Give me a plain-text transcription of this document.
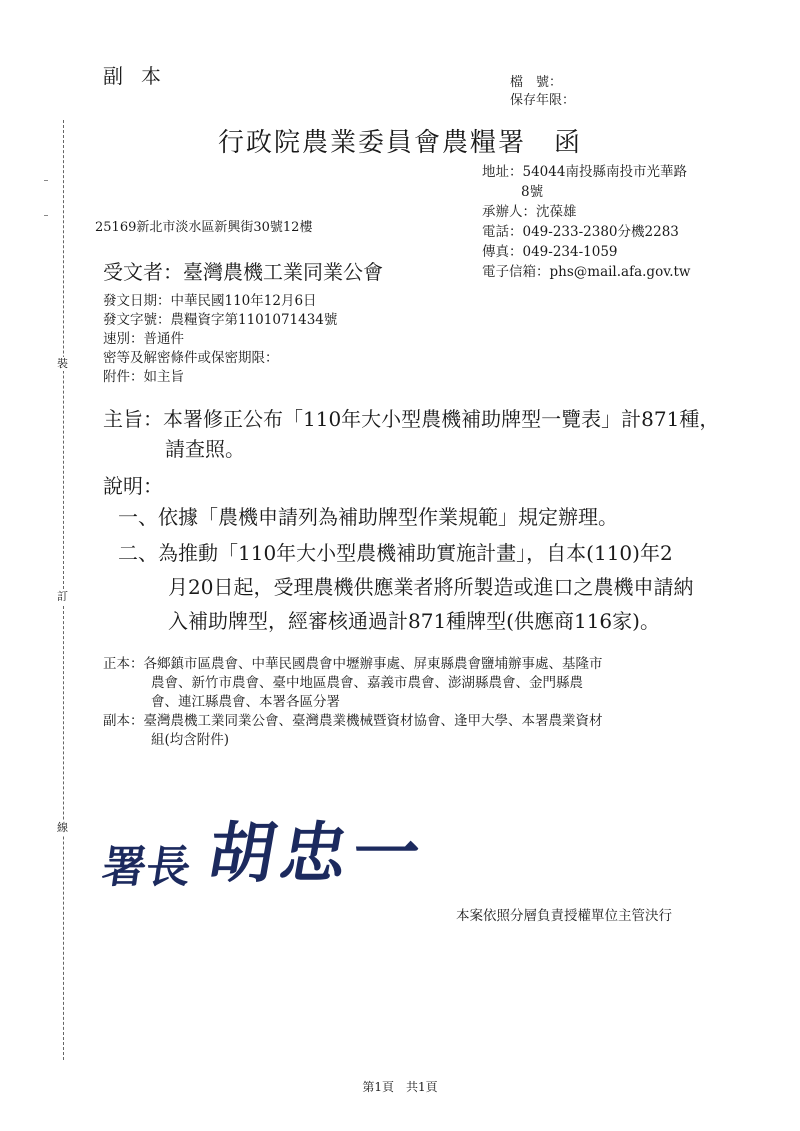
裝
訂
線
副本	檔　號：
保存年限：
行政院農業委員會農糧署　函
地址：54044南投縣南投市光華路
8號
承辦人：沈葆雄
電話：049-233-2380分機2283
傳真：049-234-1059
電子信箱：phs@mail.afa.gov.tw
25169新北市淡水區新興街30號12樓
受文者：臺灣農機工業同業公會
發文日期：中華民國110年12月6日
發文字號：農糧資字第1101071434號
速別：普通件
密等及解密條件或保密期限：
附件：如主旨
主旨：本署修正公布「110年大小型農機補助牌型一覽表」計871種，
請查照。
說明：
一、依據「農機申請列為補助牌型作業規範」規定辦理。
二、為推動「110年大小型農機補助實施計畫」，自本(110)年2
月20日起，受理農機供應業者將所製造或進口之農機申請納
入補助牌型，經審核通過計871種牌型(供應商116家)。
正本：各鄉鎮市區農會、中華民國農會中壢辦事處、屏東縣農會鹽埔辦事處、基隆市
農會、新竹市農會、臺中地區農會、嘉義市農會、澎湖縣農會、金門縣農
會、連江縣農會、本署各區分署
副本：臺灣農機工業同業公會、臺灣農業機械暨資材協會、逢甲大學、本署農業資材
組(均含附件)
署長 胡忠一
本案依照分層負責授權單位主管決行
第1頁　共1頁
